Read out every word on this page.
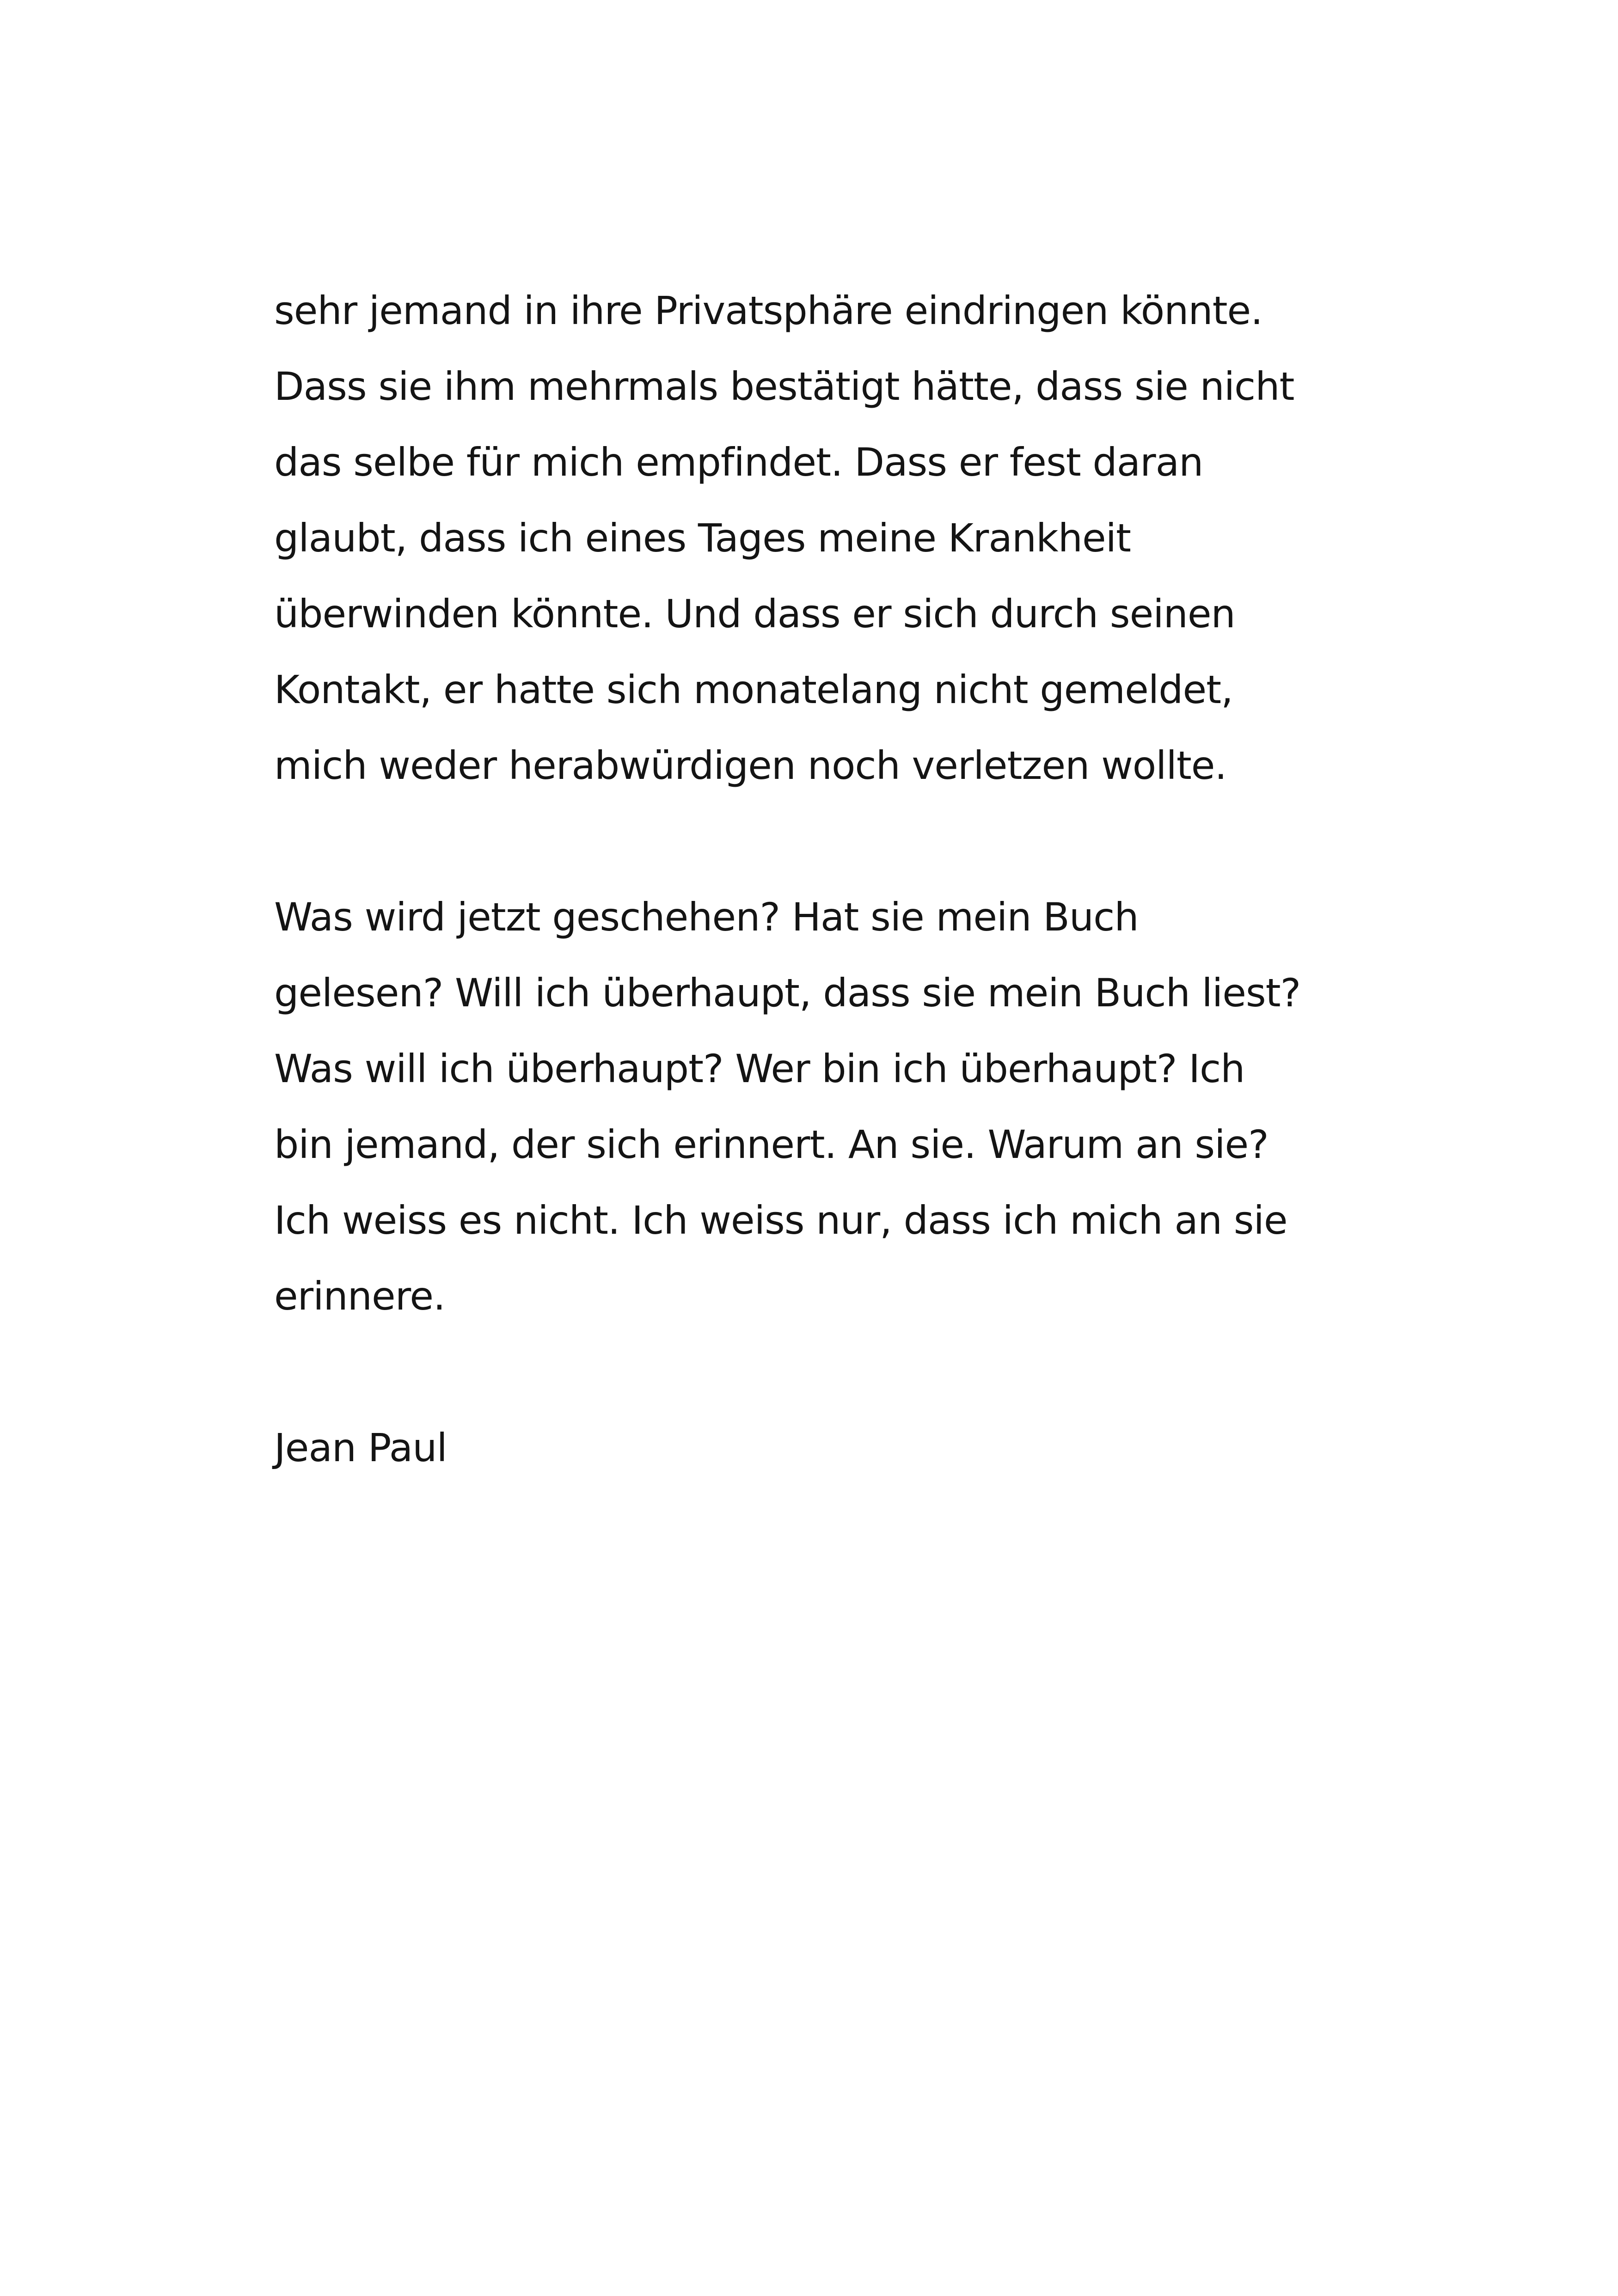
sehr jemand in ihre Privatsphäre eindringen könnte.
Dass sie ihm mehrmals bestätigt hätte, dass sie nicht
das selbe für mich empfindet. Dass er fest daran
glaubt, dass ich eines Tages meine Krankheit
überwinden könnte. Und dass er sich durch seinen
Kontakt, er hatte sich monatelang nicht gemeldet,
mich weder herabwürdigen noch verletzen wollte.
Was wird jetzt geschehen? Hat sie mein Buch
gelesen? Will ich überhaupt, dass sie mein Buch liest?
Was will ich überhaupt? Wer bin ich überhaupt? Ich
bin jemand, der sich erinnert. An sie. Warum an sie?
Ich weiss es nicht. Ich weiss nur, dass ich mich an sie
erinnere.
Jean Paul
